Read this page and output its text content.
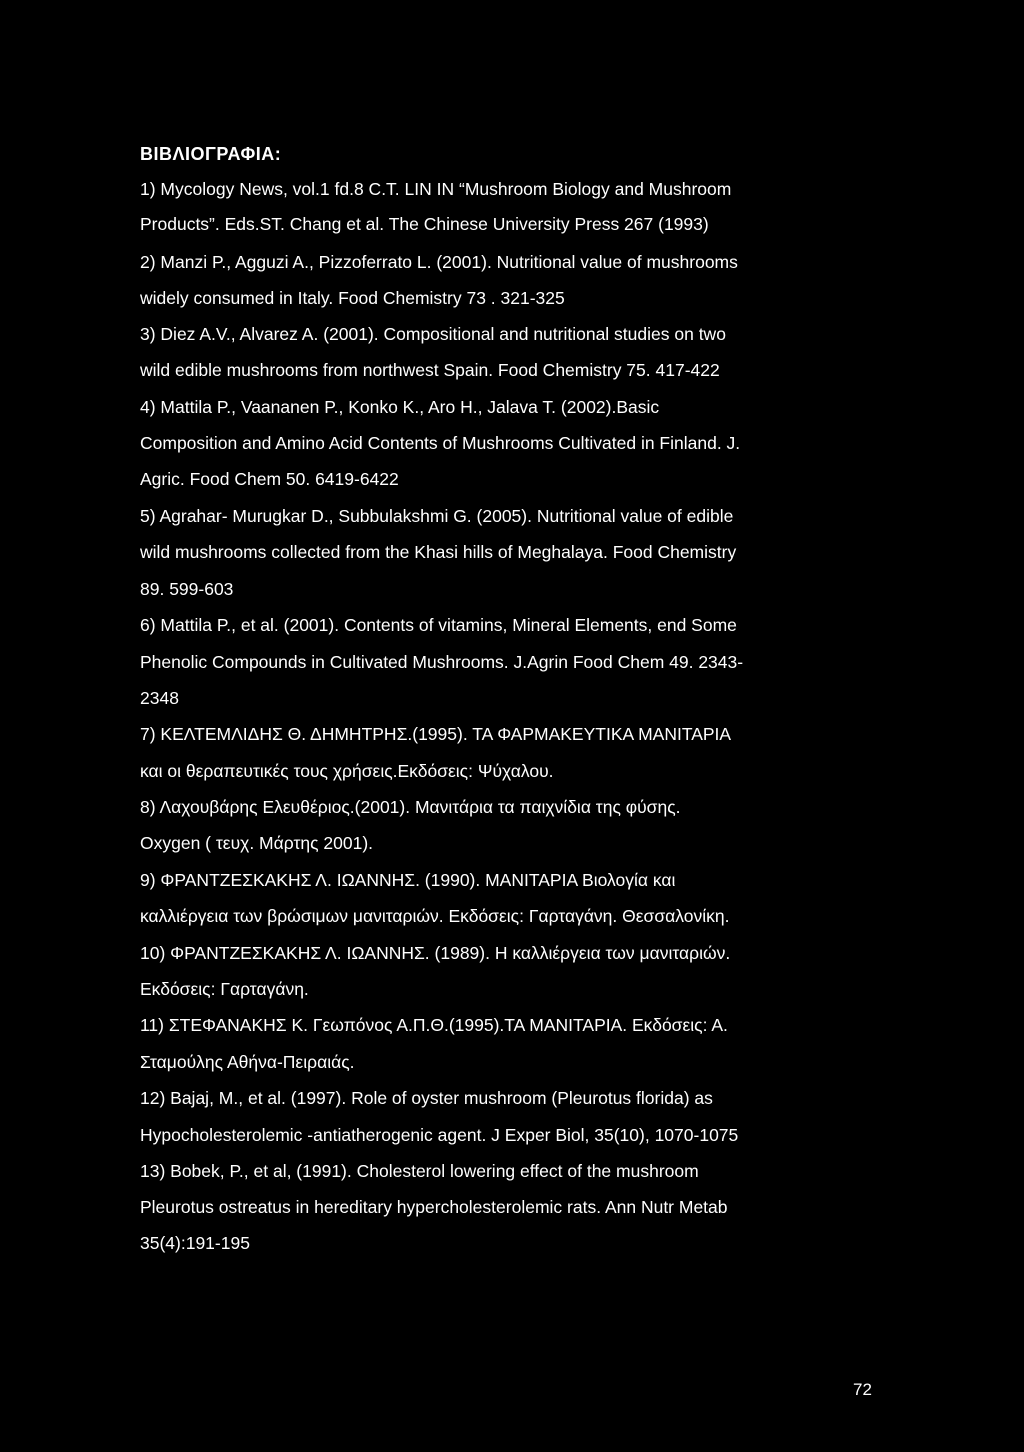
ΒΙΒΛΙΟΓΡΑΦΙΑ:
1) Mycology News, vol.1 fd.8 C.T. LIN IN “Mushroom Biology and Mushroom
Products”. Eds.ST. Chang et al. The Chinese University Press 267 (1993)
2) Manzi P., Agguzi A., Pizzoferrato L. (2001). Nutritional value of mushrooms
widely consumed in Italy. Food Chemistry 73 . 321-325
3) Diez A.V., Alvarez A. (2001). Compositional and nutritional studies on two
wild edible mushrooms from northwest Spain. Food Chemistry 75. 417-422
4) Mattila P., Vaananen P., Konko K., Aro H., Jalava T. (2002).Basic
Composition and Amino Acid Contents of Mushrooms Cultivated in Finland. J.
Agric. Food Chem 50. 6419-6422
5) Agrahar- Murugkar D., Subbulakshmi G. (2005). Nutritional value of edible
wild mushrooms collected from the Khasi hills of Meghalaya. Food Chemistry
89. 599-603
6) Mattila P., et al. (2001). Contents of vitamins, Mineral Elements, end Some
Phenolic Compounds in Cultivated Mushrooms. J.Agrin Food Chem 49. 2343-
2348
7) ΚΕΛΤΕΜΛΙΔΗΣ Θ. ΔΗΜΗΤΡΗΣ.(1995). ΤΑ ΦΑΡΜΑΚΕΥΤΙΚΑ ΜΑΝΙΤΑΡΙΑ
και οι θεραπευτικές τους χρήσεις.Εκδόσεις: Ψύχαλου.
8) Λαχουβάρης Ελευθέριος.(2001). Μανιτάρια τα παιχνίδια της φύσης.
Oxygen ( τευχ. Μάρτης 2001).
9) ΦΡΑΝΤΖΕΣΚΑΚΗΣ Λ. ΙΩΑΝΝΗΣ. (1990). ΜΑΝΙΤΑΡΙΑ Βιολογία και
καλλιέργεια των βρώσιμων μανιταριών. Εκδόσεις: Γαρταγάνη. Θεσσαλονίκη.
10) ΦΡΑΝΤΖΕΣΚΑΚΗΣ Λ. ΙΩΑΝΝΗΣ. (1989). Η καλλιέργεια των μανιταριών.
Εκδόσεις: Γαρταγάνη.
11) ΣΤΕΦΑΝΑΚΗΣ Κ. Γεωπόνος Α.Π.Θ.(1995).ΤΑ ΜΑΝΙΤΑΡΙΑ. Εκδόσεις: Α.
Σταμούλης Αθήνα-Πειραιάς.
12) Bajaj, M., et al. (1997). Role of oyster mushroom (Pleurotus florida) as
Hypocholesterolemic -antiatherogenic agent. J Exper Biol, 35(10), 1070-1075
13) Bobek, P., et al, (1991). Cholesterol lowering effect of the mushroom
Pleurotus ostreatus in hereditary hypercholesterolemic rats. Ann Nutr Metab
35(4):191-195
72
